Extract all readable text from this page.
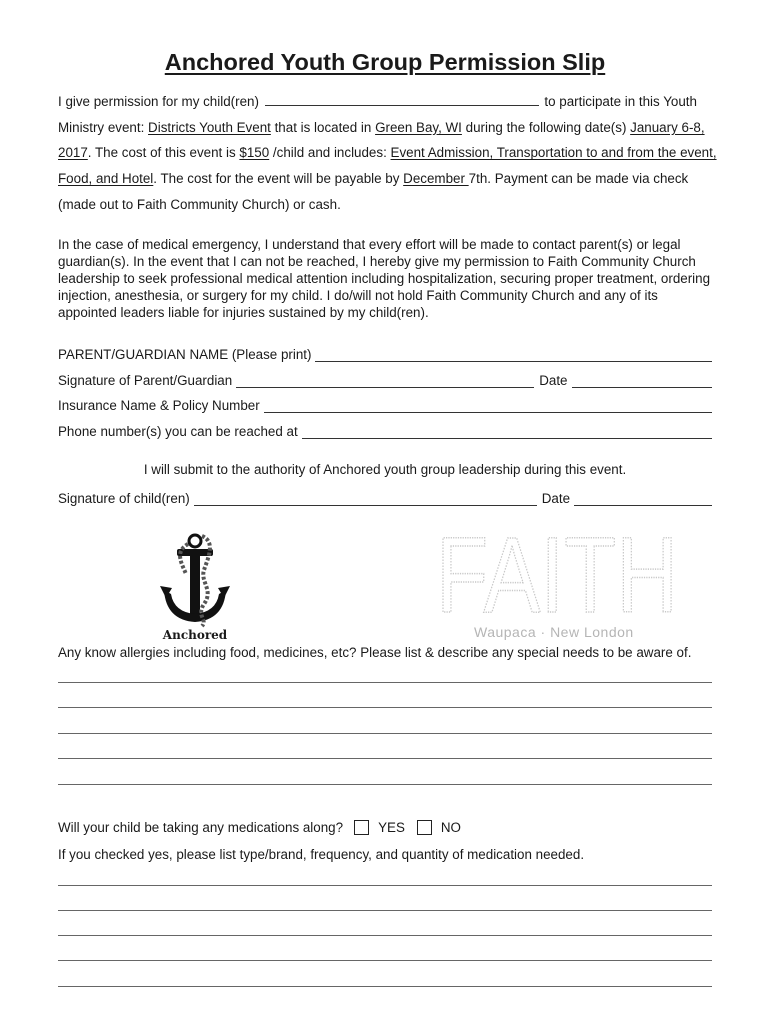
Anchored Youth Group Permission Slip

I give permission for my child(ren)	to participate in this Youth Ministry event: Districts Youth Event that is located in Green Bay, WI during the following date(s) January 6-8, 2017. The cost of this event is $150 /child and includes: Event Admission, Transportation to and from the event, Food, and Hotel. The cost for the event will be payable by December 7th. Payment can be made via check (made out to Faith Community Church) or cash.

In the case of medical emergency, I understand that every effort will be made to contact parent(s) or legal guardian(s). In the event that I can not be reached, I hereby give my permission to Faith Community Church leadership to seek professional medical attention including hospitalization, securing proper treatment, ordering injection, anesthesia, or surgery for my child. I do/will not hold Faith Community Church and any of its appointed leaders liable for injuries sustained by my child(ren).

PARENT/GUARDIAN NAME (Please print)
Signature of Parent/Guardian	Date
Insurance Name & Policy Number
Phone number(s) you can be reached at

I will submit to the authority of Anchored youth group leadership during this event.

Signature of child(ren)	Date
Anchored FAITH
Waupaca · New London

Any know allergies including food, medicines, etc? Please list & describe any special needs to be aware of.

Will your child be taking any medications along?	YES	NO

If you checked yes, please list type/brand, frequency, and quantity of medication needed.
